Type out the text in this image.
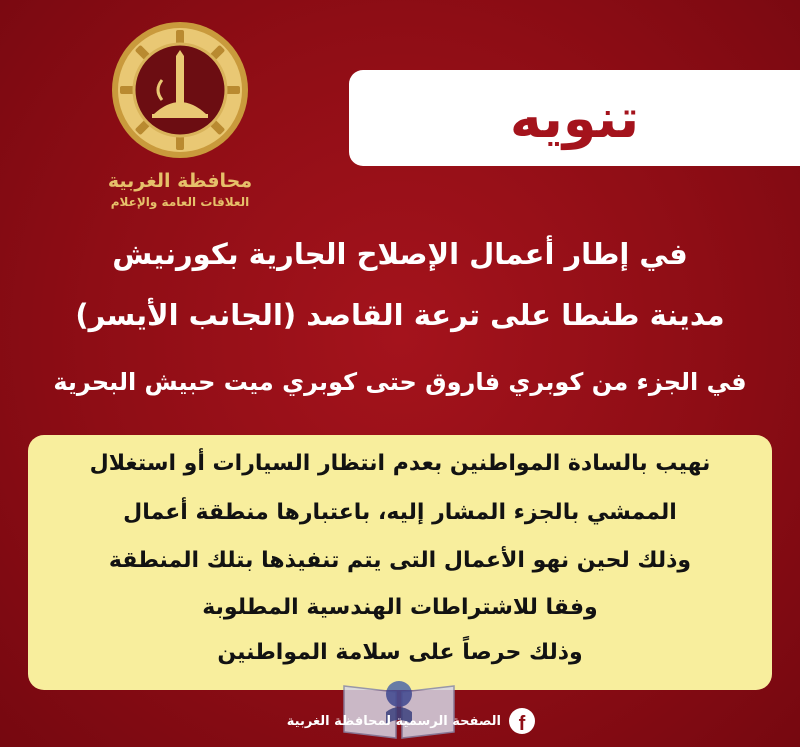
محافظة الغربية
العلاقات العامة والإعلام
تنويه
في إطار أعمال الإصلاح الجارية بكورنيش
مدينة طنطا على ترعة القاصد (الجانب الأيسر)
في الجزء من كوبري فاروق حتى كوبري ميت حبيش البحرية
نهيب بالسادة المواطنين بعدم انتظار السيارات أو استغلال
الممشي بالجزء المشار إليه، باعتبارها منطقة أعمال
وذلك لحين نهو الأعمال التى يتم تنفيذها بتلك المنطقة
وفقا للاشتراطات الهندسية المطلوبة
وذلك حرصاً على سلامة المواطنين
الصفحة الرسمية لمحافظة الغربية f
